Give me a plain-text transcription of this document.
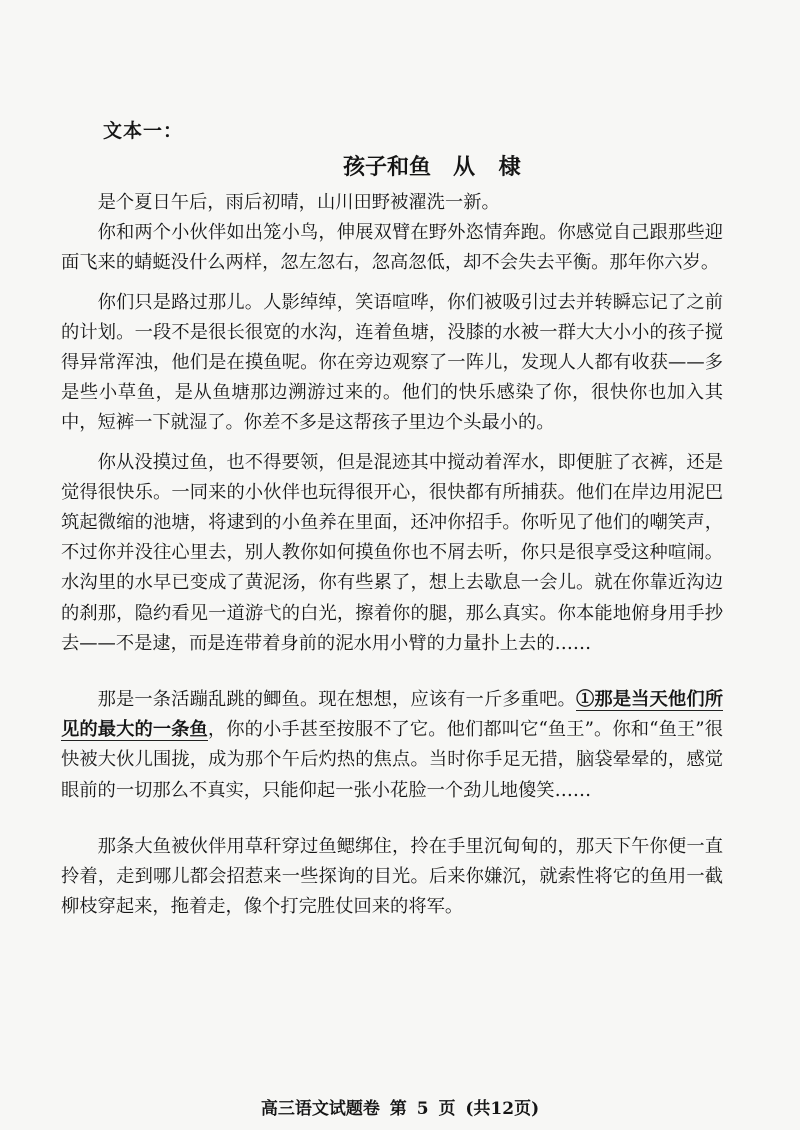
文本一：
孩子和鱼 从 棣

是个夏日午后，雨后初晴，山川田野被濯洗一新。

你和两个小伙伴如出笼小鸟，伸展双臂在野外恣情奔跑。你感觉自己跟那些迎面飞来的蜻蜓没什么两样，忽左忽右，忽高忽低，却不会失去平衡。那年你六岁。

你们只是路过那儿。人影绰绰，笑语喧哗，你们被吸引过去并转瞬忘记了之前的计划。一段不是很长很宽的水沟，连着鱼塘，没膝的水被一群大大小小的孩子搅得异常浑浊，他们是在摸鱼呢。你在旁边观察了一阵儿，发现人人都有收获——多是些小草鱼，是从鱼塘那边溯游过来的。他们的快乐感染了你，很快你也加入其中，短裤一下就湿了。你差不多是这帮孩子里边个头最小的。

你从没摸过鱼，也不得要领，但是混迹其中搅动着浑水，即便脏了衣裤，还是觉得很快乐。一同来的小伙伴也玩得很开心，很快都有所捕获。他们在岸边用泥巴筑起微缩的池塘，将逮到的小鱼养在里面，还冲你招手。你听见了他们的嘲笑声，不过你并没往心里去，别人教你如何摸鱼你也不屑去听，你只是很享受这种喧闹。水沟里的水早已变成了黄泥汤，你有些累了，想上去歇息一会儿。就在你靠近沟边的刹那，隐约看见一道游弋的白光，擦着你的腿，那么真实。你本能地俯身用手抄去——不是逮，而是连带着身前的泥水用小臂的力量扑上去的……

那是一条活蹦乱跳的鲫鱼。现在想想，应该有一斤多重吧。①那是当天他们所见的最大的一条鱼，你的小手甚至按服不了它。他们都叫它“鱼王”。你和“鱼王”很快被大伙儿围拢，成为那个午后灼热的焦点。当时你手足无措，脑袋晕晕的，感觉眼前的一切那么不真实，只能仰起一张小花脸一个劲儿地傻笑……

那条大鱼被伙伴用草秆穿过鱼鳃绑住，拎在手里沉甸甸的，那天下午你便一直拎着，走到哪儿都会招惹来一些探询的目光。后来你嫌沉，就索性将它的鱼用一截柳枝穿起来，拖着走，像个打完胜仗回来的将军。

高三语文试题卷 第 5 页 (共12页)
